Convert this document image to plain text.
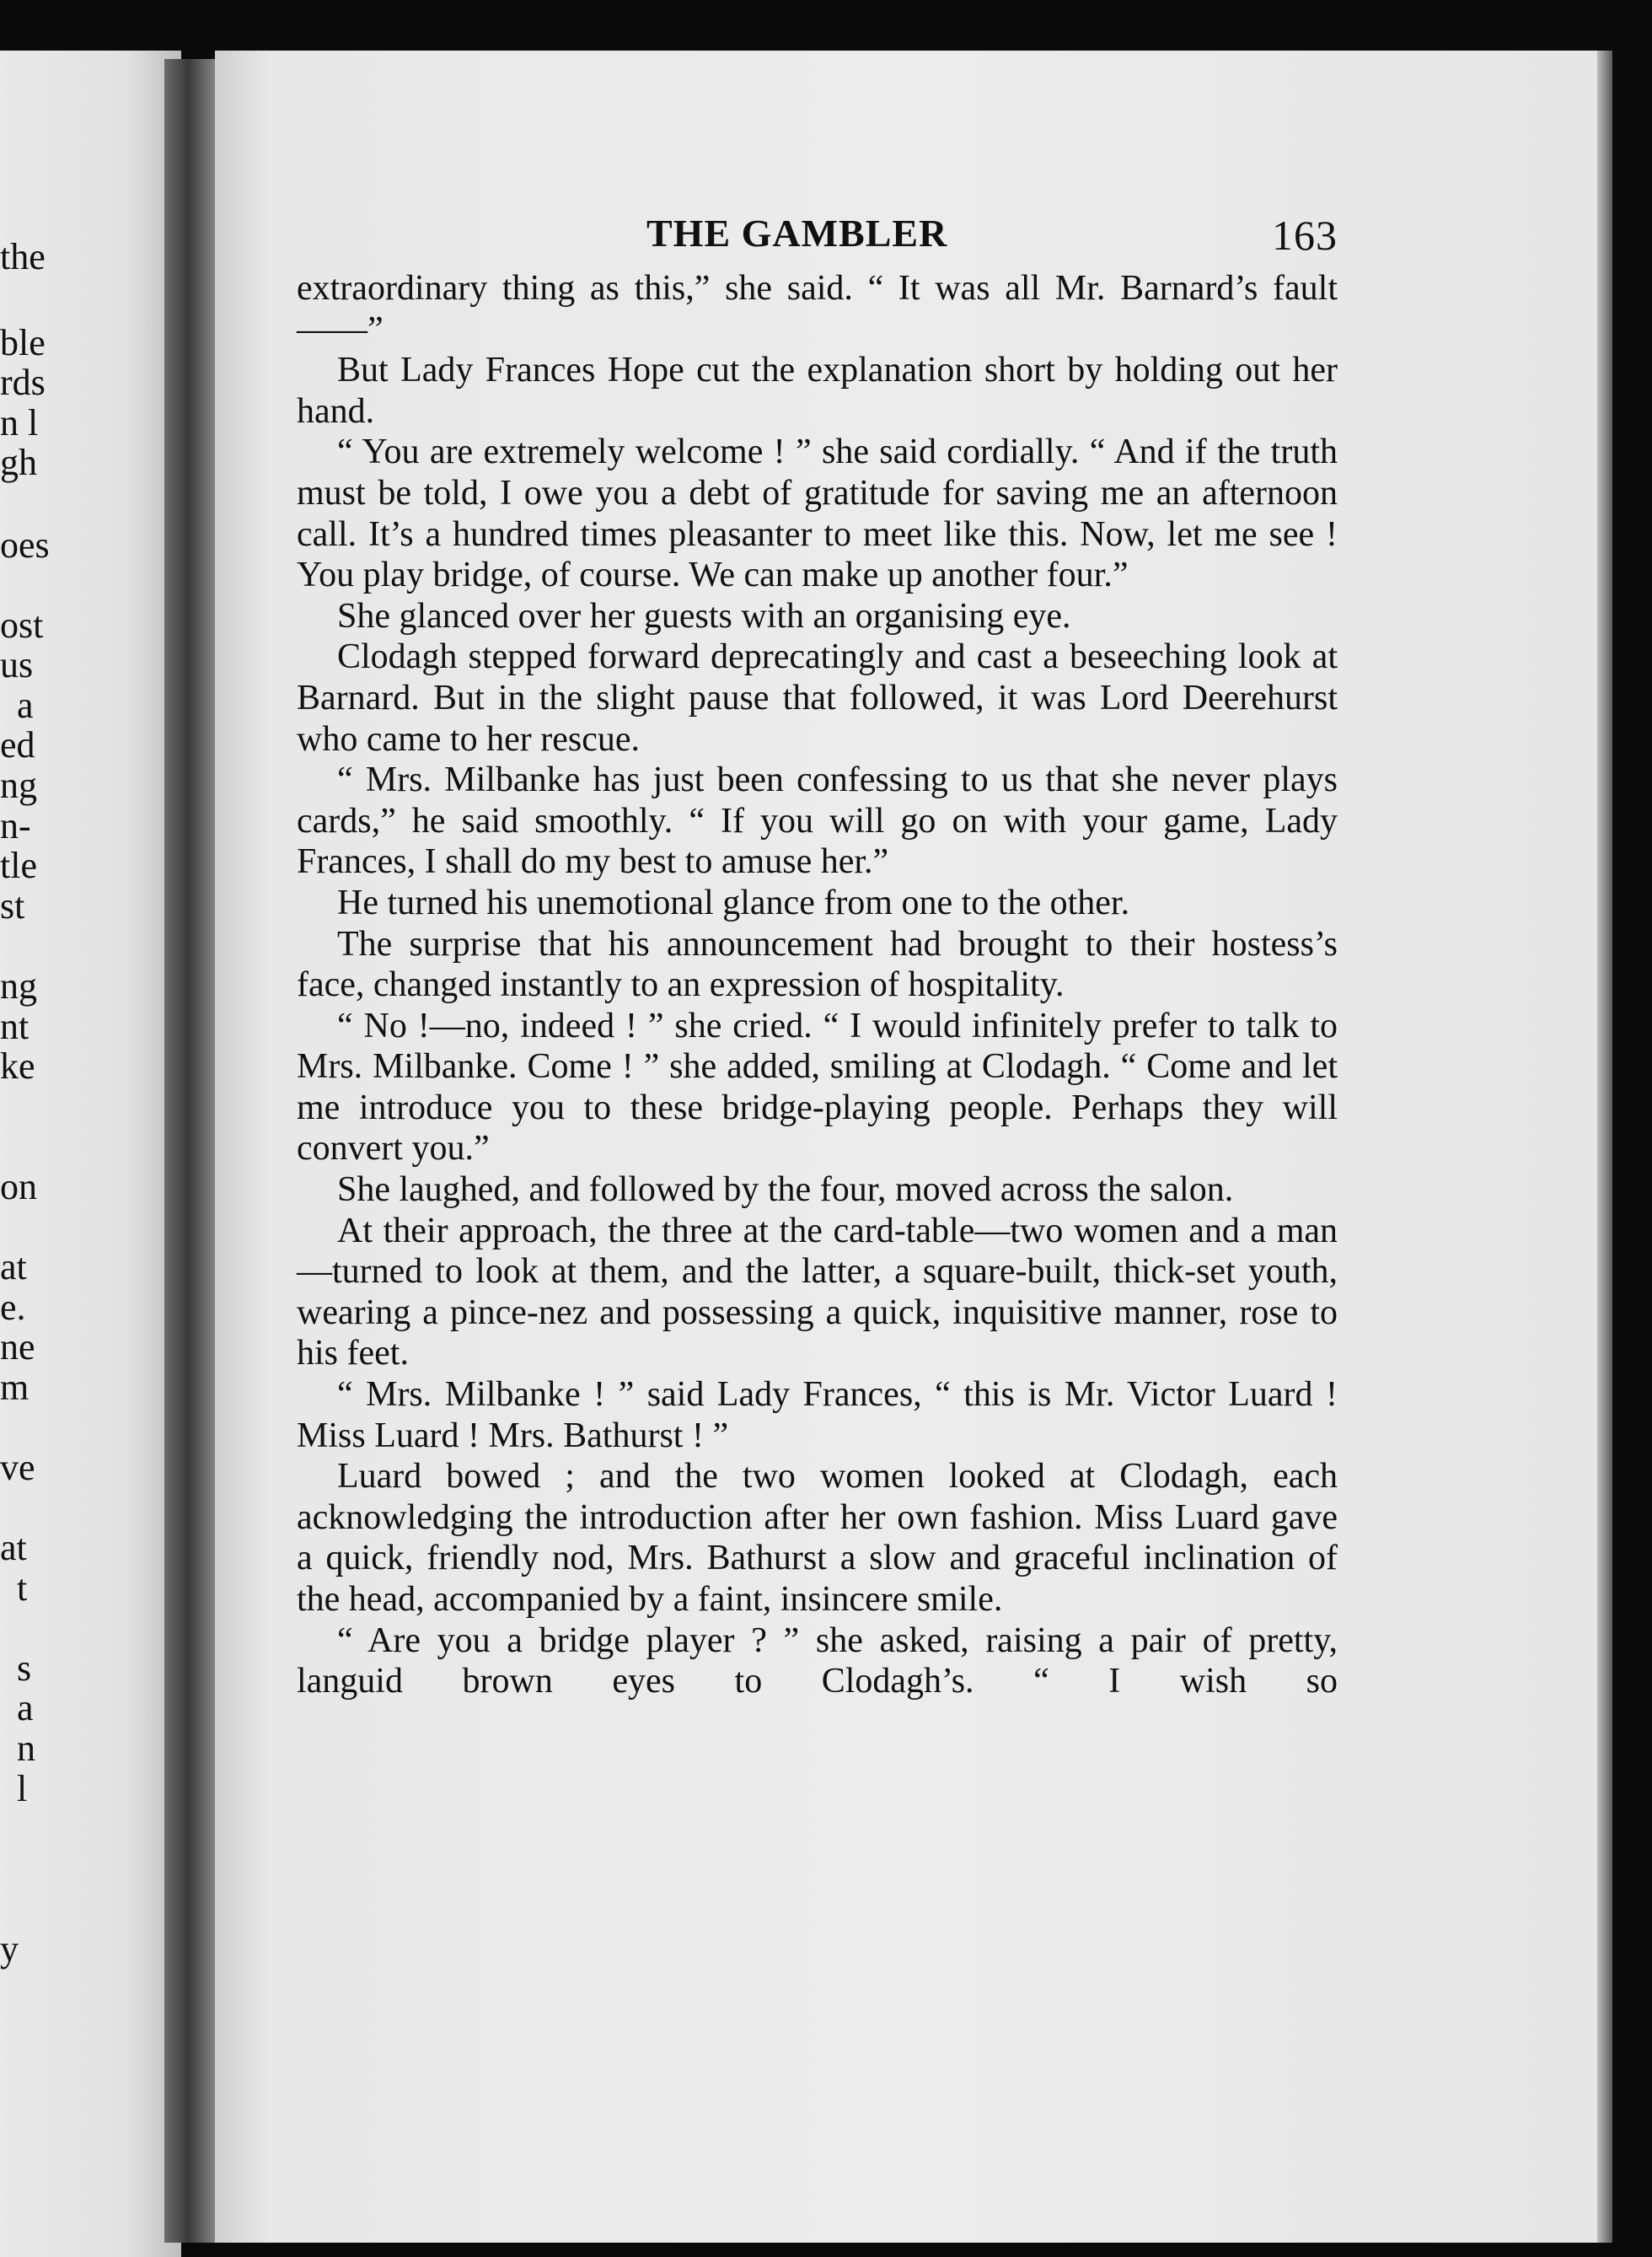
the
ble
rds
n l
gh
oes
ost
us
a
ed
ng
n-
tle
st
ng
nt
ke
on
at
e.
ne
m
ve
at
t
s
a
n
l
y
THE GAMBLER	163

extraordinary thing as this,” she said. “ It was all Mr. Barnard’s fault——”

But Lady Frances Hope cut the explanation short by holding out her hand.

“ You are extremely welcome ! ” she said cordially. “ And if the truth must be told, I owe you a debt of gratitude for saving me an afternoon call. It’s a hundred times pleasanter to meet like this. Now, let me see ! You play bridge, of course. We can make up another four.”

She glanced over her guests with an organising eye.

Clodagh stepped forward deprecatingly and cast a beseeching look at Barnard. But in the slight pause that followed, it was Lord Deerehurst who came to her rescue.

“ Mrs. Milbanke has just been confessing to us that she never plays cards,” he said smoothly. “ If you will go on with your game, Lady Frances, I shall do my best to amuse her.”

He turned his unemotional glance from one to the other.

The surprise that his announcement had brought to their hostess’s face, changed instantly to an expression of hospitality.

“ No !—no, indeed ! ” she cried. “ I would infinitely prefer to talk to Mrs. Milbanke. Come ! ” she added, smiling at Clodagh. “ Come and let me introduce you to these bridge-playing people. Perhaps they will convert you.”

She laughed, and followed by the four, moved across the salon.

At their approach, the three at the card-table—two women and a man—turned to look at them, and the latter, a square-built, thick-set youth, wearing a pince-nez and possessing a quick, inquisitive manner, rose to his feet.

“ Mrs. Milbanke ! ” said Lady Frances, “ this is Mr. Victor Luard ! Miss Luard ! Mrs. Bathurst ! ”

Luard bowed ; and the two women looked at Clodagh, each acknowledging the introduction after her own fashion. Miss Luard gave a quick, friendly nod, Mrs. Bathurst a slow and graceful inclination of the head, accompanied by a faint, insincere smile.

“ Are you a bridge player ? ” she asked, raising a pair of pretty, languid brown eyes to Clodagh’s. “ I wish so
